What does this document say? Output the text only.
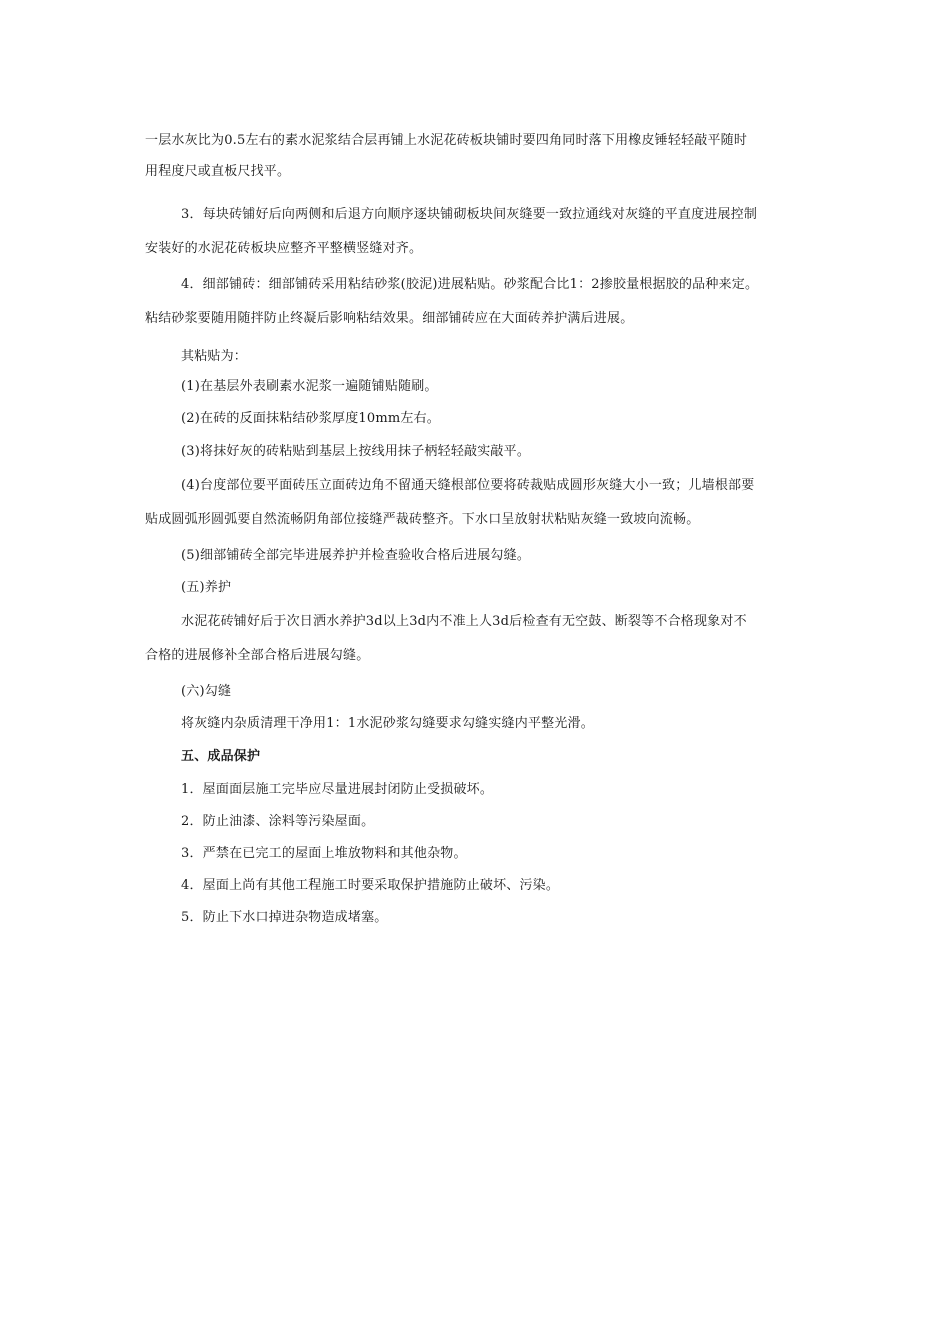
一层水灰比为0.5左右的素水泥浆结合层再铺上水泥花砖板块铺时要四角同时落下用橡皮锤轻轻敲平随时
用程度尺或直板尺找平。
3．每块砖铺好后向两侧和后退方向顺序逐块铺砌板块间灰缝要一致拉通线对灰缝的平直度进展控制
安装好的水泥花砖板块应整齐平整横竖缝对齐。
4．细部铺砖：细部铺砖采用粘结砂浆(胶泥)进展粘贴。砂浆配合比1：2掺胶量根据胶的品种来定。
粘结砂浆要随用随拌防止终凝后影响粘结效果。细部铺砖应在大面砖养护满后进展。
其粘贴为：
(1)在基层外表刷素水泥浆一遍随铺贴随刷。
(2)在砖的反面抹粘结砂浆厚度10mm左右。
(3)将抹好灰的砖粘贴到基层上按线用抹子柄轻轻敲实敲平。
(4)台度部位要平面砖压立面砖边角不留通天缝根部位要将砖裁贴成圆形灰缝大小一致；儿墙根部要
贴成圆弧形圆弧要自然流畅阴角部位接缝严裁砖整齐。下水口呈放射状粘贴灰缝一致坡向流畅。
(5)细部铺砖全部完毕进展养护并检查验收合格后进展勾缝。
(五)养护
水泥花砖铺好后于次日洒水养护3d以上3d内不准上人3d后检查有无空鼓、断裂等不合格现象对不
合格的进展修补全部合格后进展勾缝。
(六)勾缝
将灰缝内杂质清理干净用1：1水泥砂浆勾缝要求勾缝实缝内平整光滑。
五、成品保护
1．屋面面层施工完毕应尽量进展封闭防止受损破坏。
2．防止油漆、涂料等污染屋面。
3．严禁在已完工的屋面上堆放物料和其他杂物。
4．屋面上尚有其他工程施工时要采取保护措施防止破坏、污染。
5．防止下水口掉进杂物造成堵塞。
